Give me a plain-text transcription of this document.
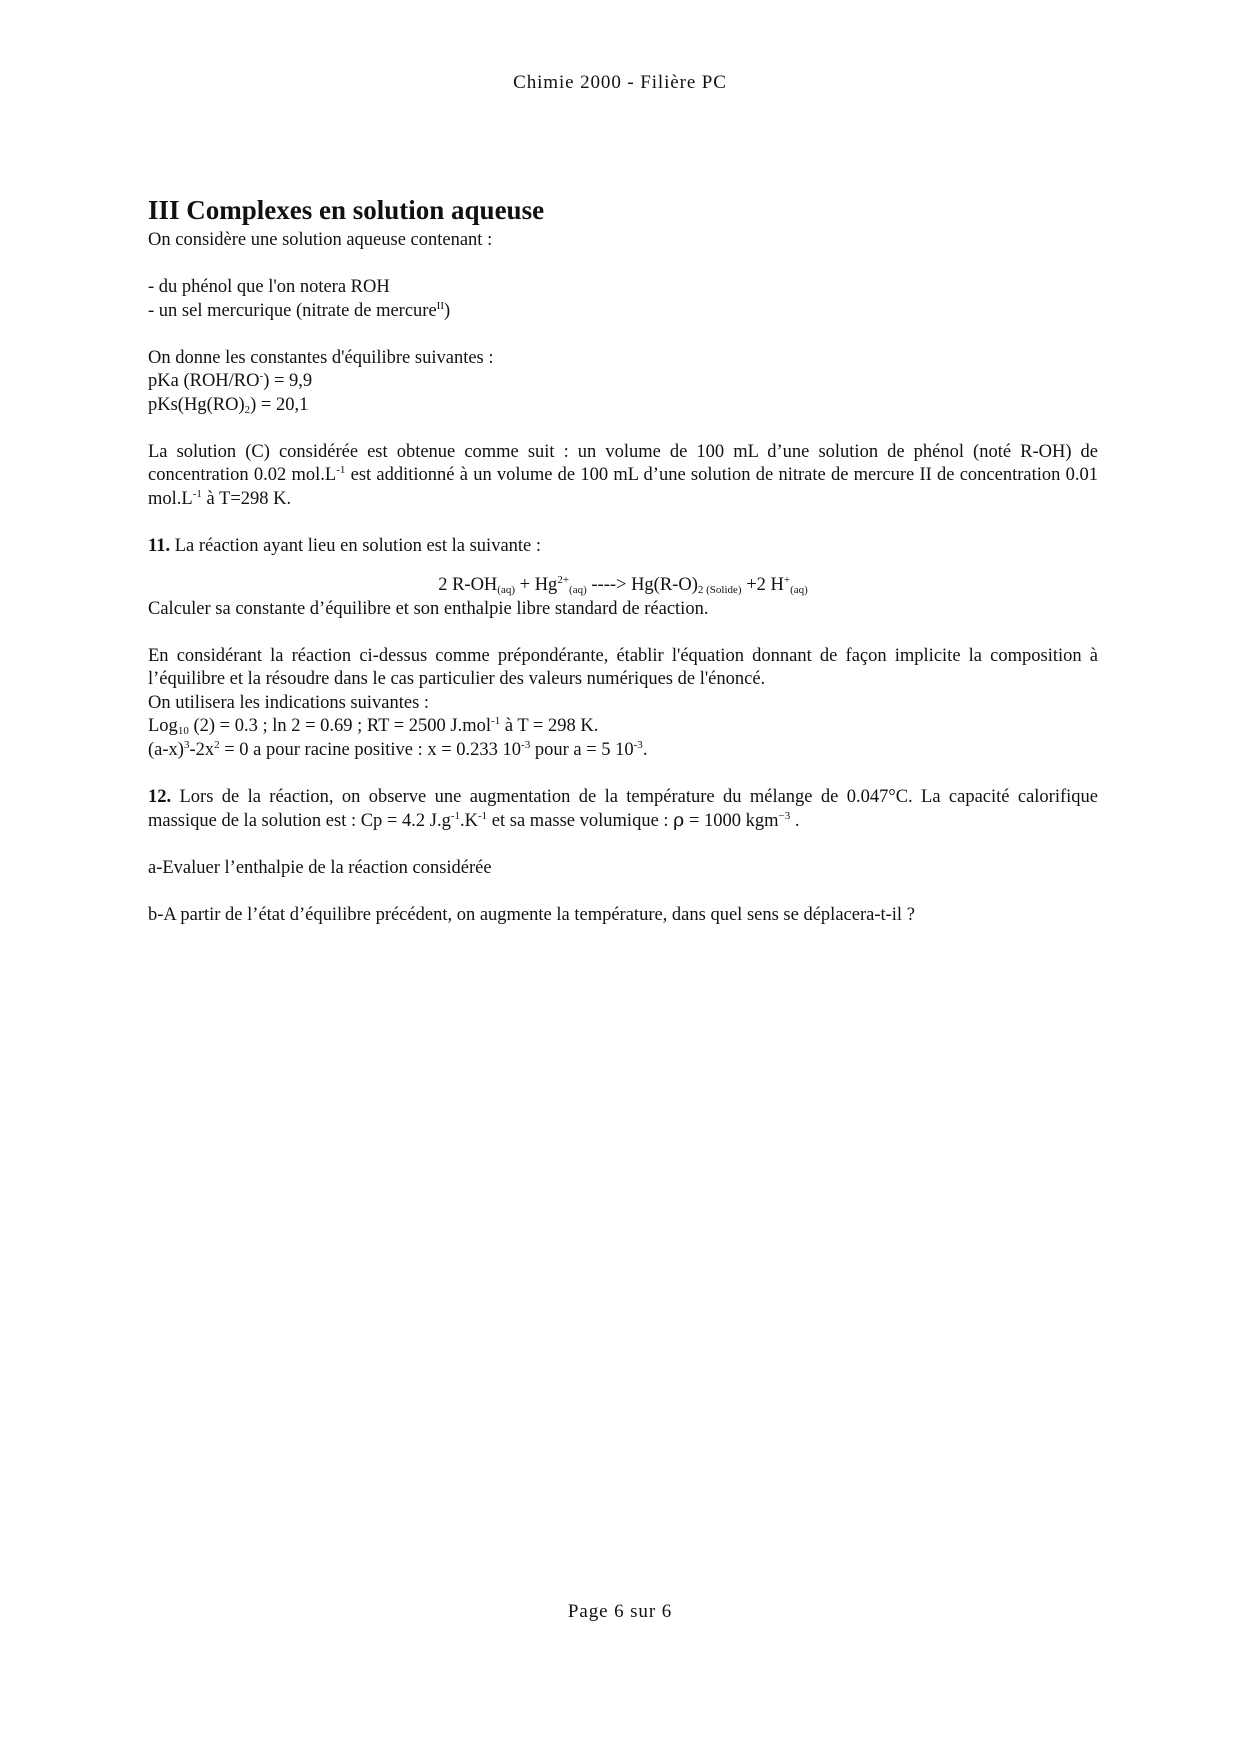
Chimie 2000 - Filière PC
III Complexes en solution aqueuse

On considère une solution aqueuse contenant :

- du phénol que l'on notera ROH

- un sel mercurique (nitrate de mercure$^{II}$)

On donne les constantes d'équilibre suivantes :

pKa (ROH/RO-) = 9,9

$pKs(Hg(RO)_2) = 20,1$

La solution (C) considérée est obtenue comme suit : un volume de 100 mL d’une solution de phénol (noté R-OH) de concentration 0.02 $mol.L^{-1}$ est additionné à un volume de 100 mL d’une solution de nitrate de mercure II de concentration 0.01 $mol.L^{-1}$ à T=298 K.

11. La réaction ayant lieu en solution est la suivante :

2 $R-OH_{(aq)} + Hg^{2+}_{(aq)}$ ----> $Hg(R-O)_{2 (Solide)} +2$ $H^+_{(aq)}$

Calculer sa constante d’équilibre et son enthalpie libre standard de réaction.

En considérant la réaction ci-dessus comme prépondérante, établir l'équation donnant de façon implicite la composition à l’équilibre et la résoudre dans le cas particulier des valeurs numériques de l'énoncé.

On utilisera les indications suivantes :

Log$_{10}$ (2) = 0.3 ; ln 2 = 0.69 ; RT = 2500 J.mol$^{-1}$ à T = 298 K.

$(a-x)^3-2x^2 = 0$ a pour racine positive : x = 0.233 $10^{-3}$ pour a = 5 $10^{-3}$.

12. Lors de la réaction, on observe une augmentation de la température du mélange de 0.047°C. La capacité calorifique massique de la solution est : Cp = 4.2 $J.g^{-1}.K^{-1}$ et sa masse volumique : ρ = 1000 kgm$^{-3}$ .

a-Evaluer l’enthalpie de la réaction considérée

b-A partir de l’état d’équilibre précédent, on augmente la température, dans quel sens se déplacera-t-il ?

Page 6 sur 6
